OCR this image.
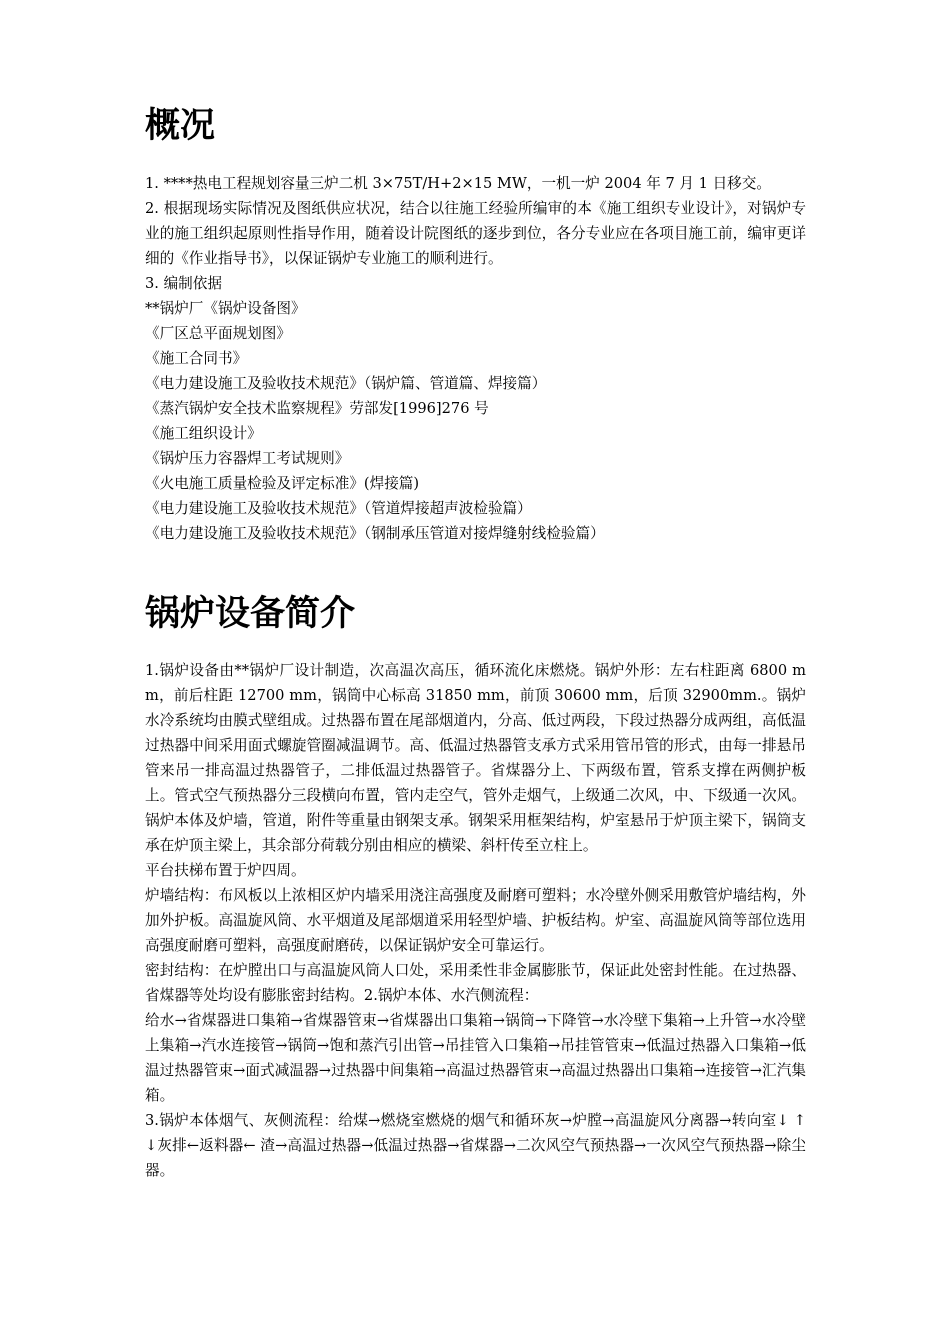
概况

1. ****热电工程规划容量三炉二机 3×75T/H+2×15 MW，一机一炉 2004 年 7 月 1 日移交。

2. 根据现场实际情况及图纸供应状况，结合以往施工经验所编审的本《施工组织专业设计》，对锅炉专业的施工组织起原则性指导作用，随着设计院图纸的逐步到位，各分专业应在各项目施工前，编审更详细的《作业指导书》，以保证锅炉专业施工的顺利进行。

3. 编制依据

**锅炉厂《锅炉设备图》

《厂区总平面规划图》

《施工合同书》

《电力建设施工及验收技术规范》（锅炉篇、管道篇、焊接篇）

《蒸汽锅炉安全技术监察规程》劳部发[1996]276 号

《施工组织设计》

《锅炉压力容器焊工考试规则》

《火电施工质量检验及评定标准》(焊接篇)

《电力建设施工及验收技术规范》（管道焊接超声波检验篇）

《电力建设施工及验收技术规范》（钢制承压管道对接焊缝射线检验篇）

锅炉设备简介

1.锅炉设备由**锅炉厂设计制造，次高温次高压，循环流化床燃烧。锅炉外形：左右柱距离 6800 mm，前后柱距 12700 mm，锅筒中心标高 31850 mm，前顶 30600 mm，后顶 32900mm.。锅炉水冷系统均由膜式壁组成。过热器布置在尾部烟道内，分高、低过两段，下段过热器分成两组，高低温过热器中间采用面式螺旋管圈减温调节。高、低温过热器管支承方式采用管吊管的形式，由每一排悬吊管来吊一排高温过热器管子，二排低温过热器管子。省煤器分上、下两级布置，管系支撑在两侧护板上。管式空气预热器分三段横向布置，管内走空气，管外走烟气，上级通二次风，中、下级通一次风。锅炉本体及炉墙，管道，附件等重量由钢架支承。钢架采用框架结构，炉室悬吊于炉顶主梁下，锅筒支承在炉顶主梁上，其余部分荷载分别由相应的横梁、斜杆传至立柱上。

平台扶梯布置于炉四周。

炉墙结构：布风板以上浓相区炉内墙采用浇注高强度及耐磨可塑料；水冷壁外侧采用敷管炉墙结构，外加外护板。高温旋风筒、水平烟道及尾部烟道采用轻型炉墙、护板结构。炉室、高温旋风筒等部位选用高强度耐磨可塑料，高强度耐磨砖，以保证锅炉安全可靠运行。

密封结构：在炉膛出口与高温旋风筒人口处，采用柔性非金属膨胀节，保证此处密封性能。在过热器、省煤器等处均设有膨胀密封结构。2.锅炉本体、水汽侧流程：

给水→省煤器进口集箱→省煤器管束→省煤器出口集箱→锅筒→下降管→水冷壁下集箱→上升管→水冷壁上集箱→汽水连接管→锅筒→饱和蒸汽引出管→吊挂管入口集箱→吊挂管管束→低温过热器入口集箱→低温过热器管束→面式减温器→过热器中间集箱→高温过热器管束→高温过热器出口集箱→连接管→汇汽集箱。

3.锅炉本体烟气、灰侧流程：给煤→燃烧室燃烧的烟气和循环灰→炉膛→高温旋风分离器→转向室↓ ↑ ↓灰排←返料器← 渣→高温过热器→低温过热器→省煤器→二次风空气预热器→一次风空气预热器→除尘器。
